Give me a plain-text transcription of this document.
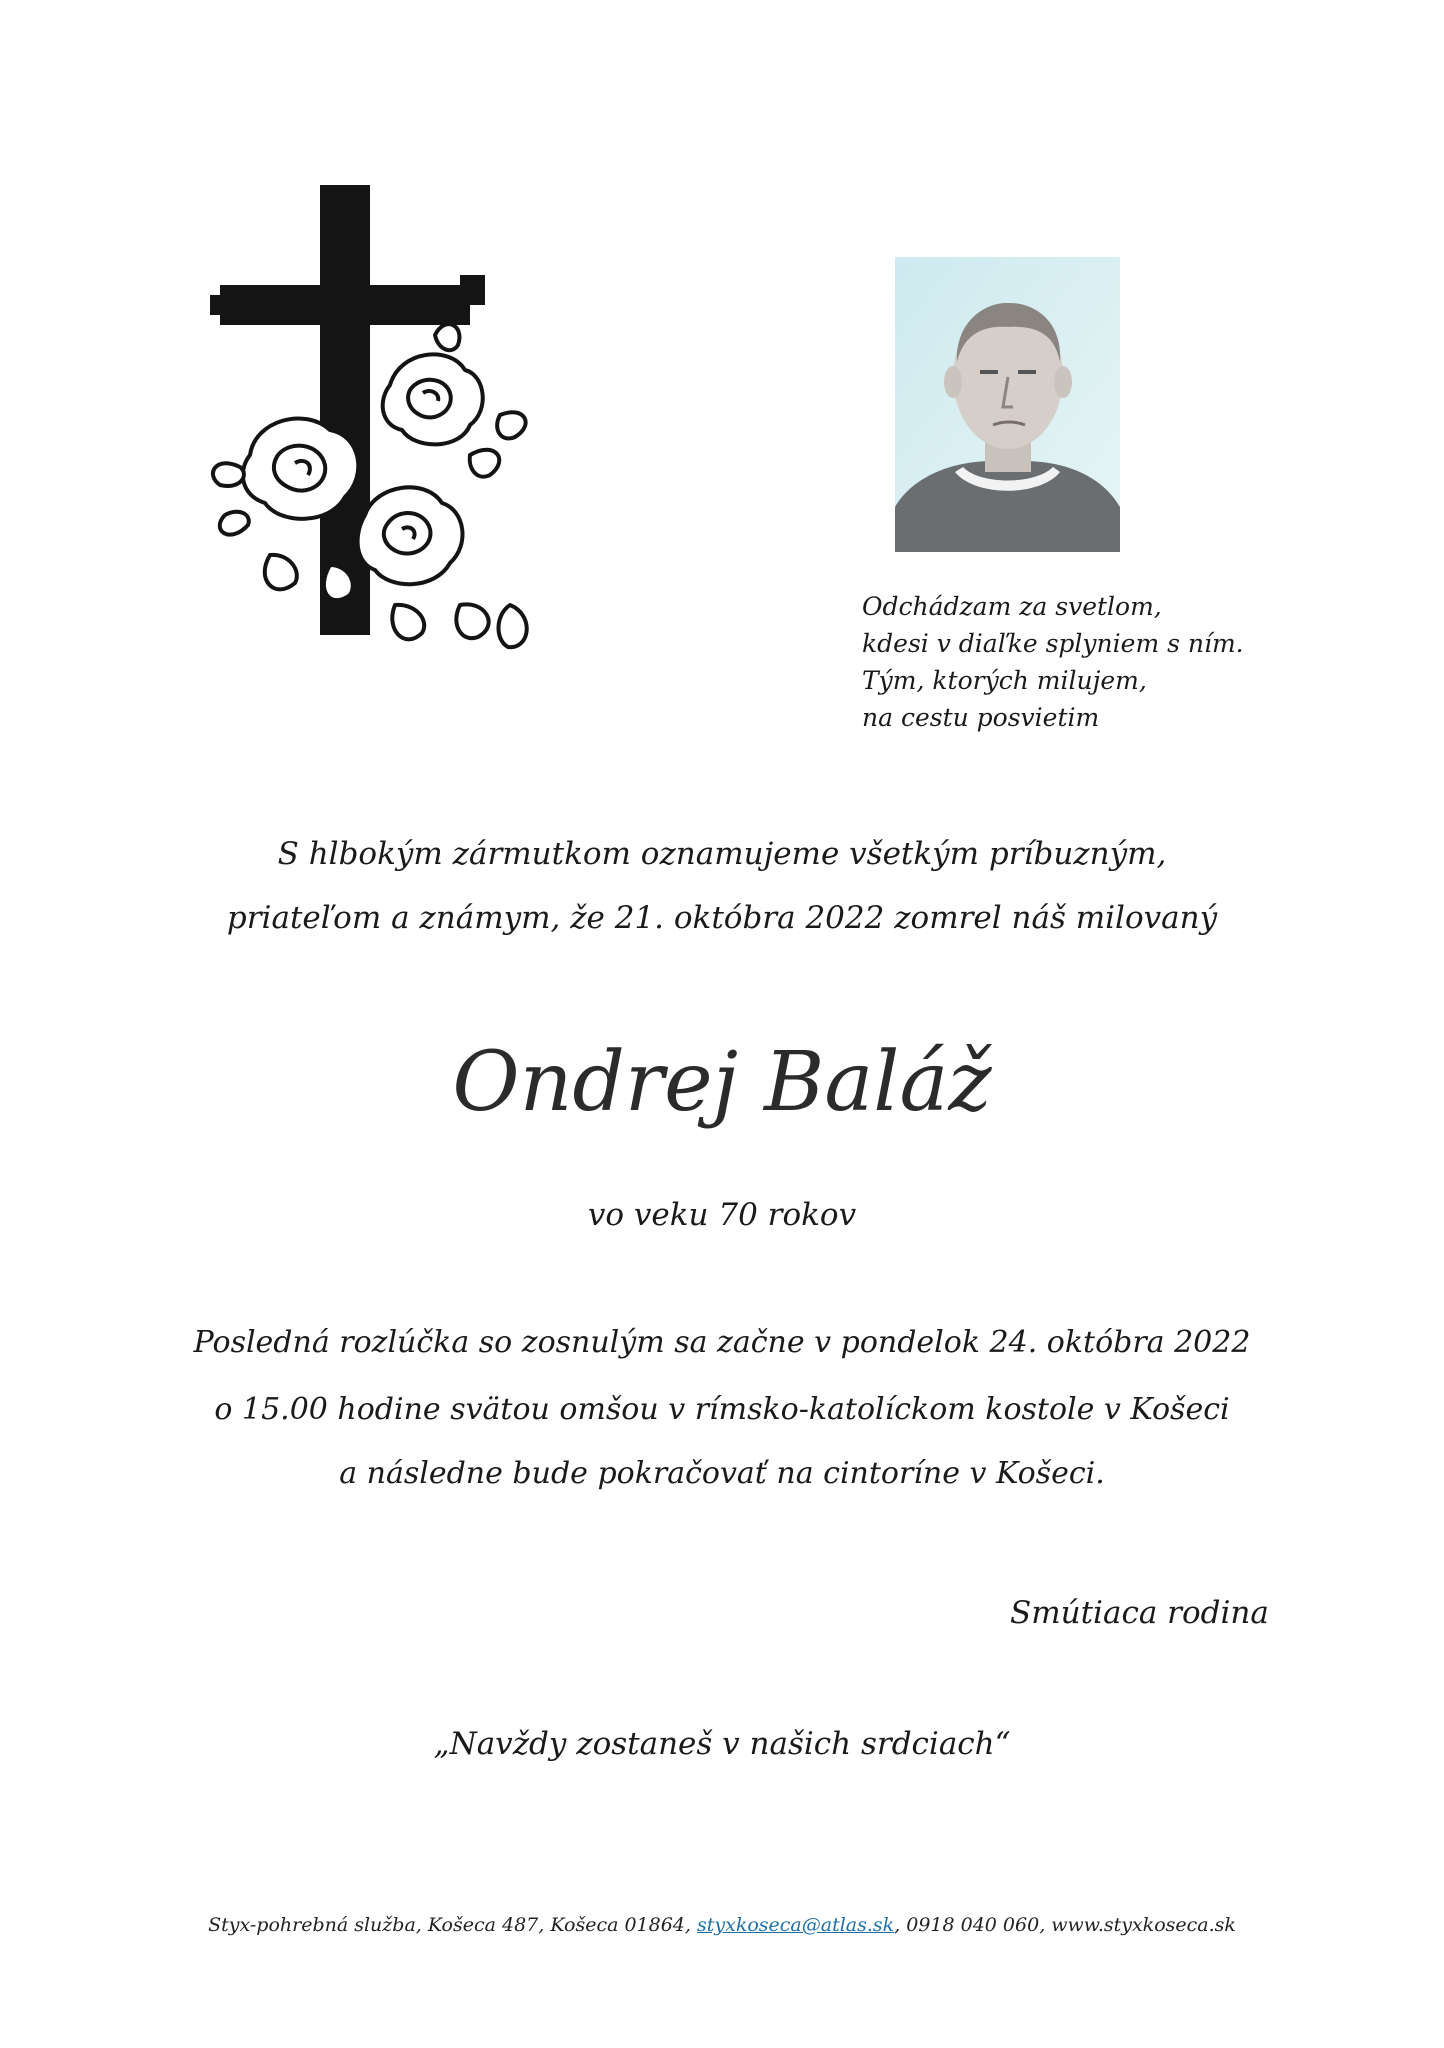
Odchádzam za svetlom,
kdesi v diaľke splyniem s ním.
Tým, ktorých milujem,
na cestu posvietim
S hlbokým zármutkom oznamujeme všetkým príbuzným,
priateľom a známym, že 21. októbra 2022 zomrel náš milovaný
Ondrej Baláž
vo veku 70 rokov
Posledná rozlúčka so zosnulým sa začne v pondelok 24. októbra 2022
o 15.00 hodine svätou omšou v rímsko-katolíckom kostole v Košeci
a následne bude pokračovať na cintoríne v Košeci.
Smútiaca rodina
„Navždy zostaneš v našich srdciach“
Styx-pohrebná služba, Košeca 487, Košeca 01864, styxkoseca@atlas.sk, 0918 040 060, www.styxkoseca.sk
